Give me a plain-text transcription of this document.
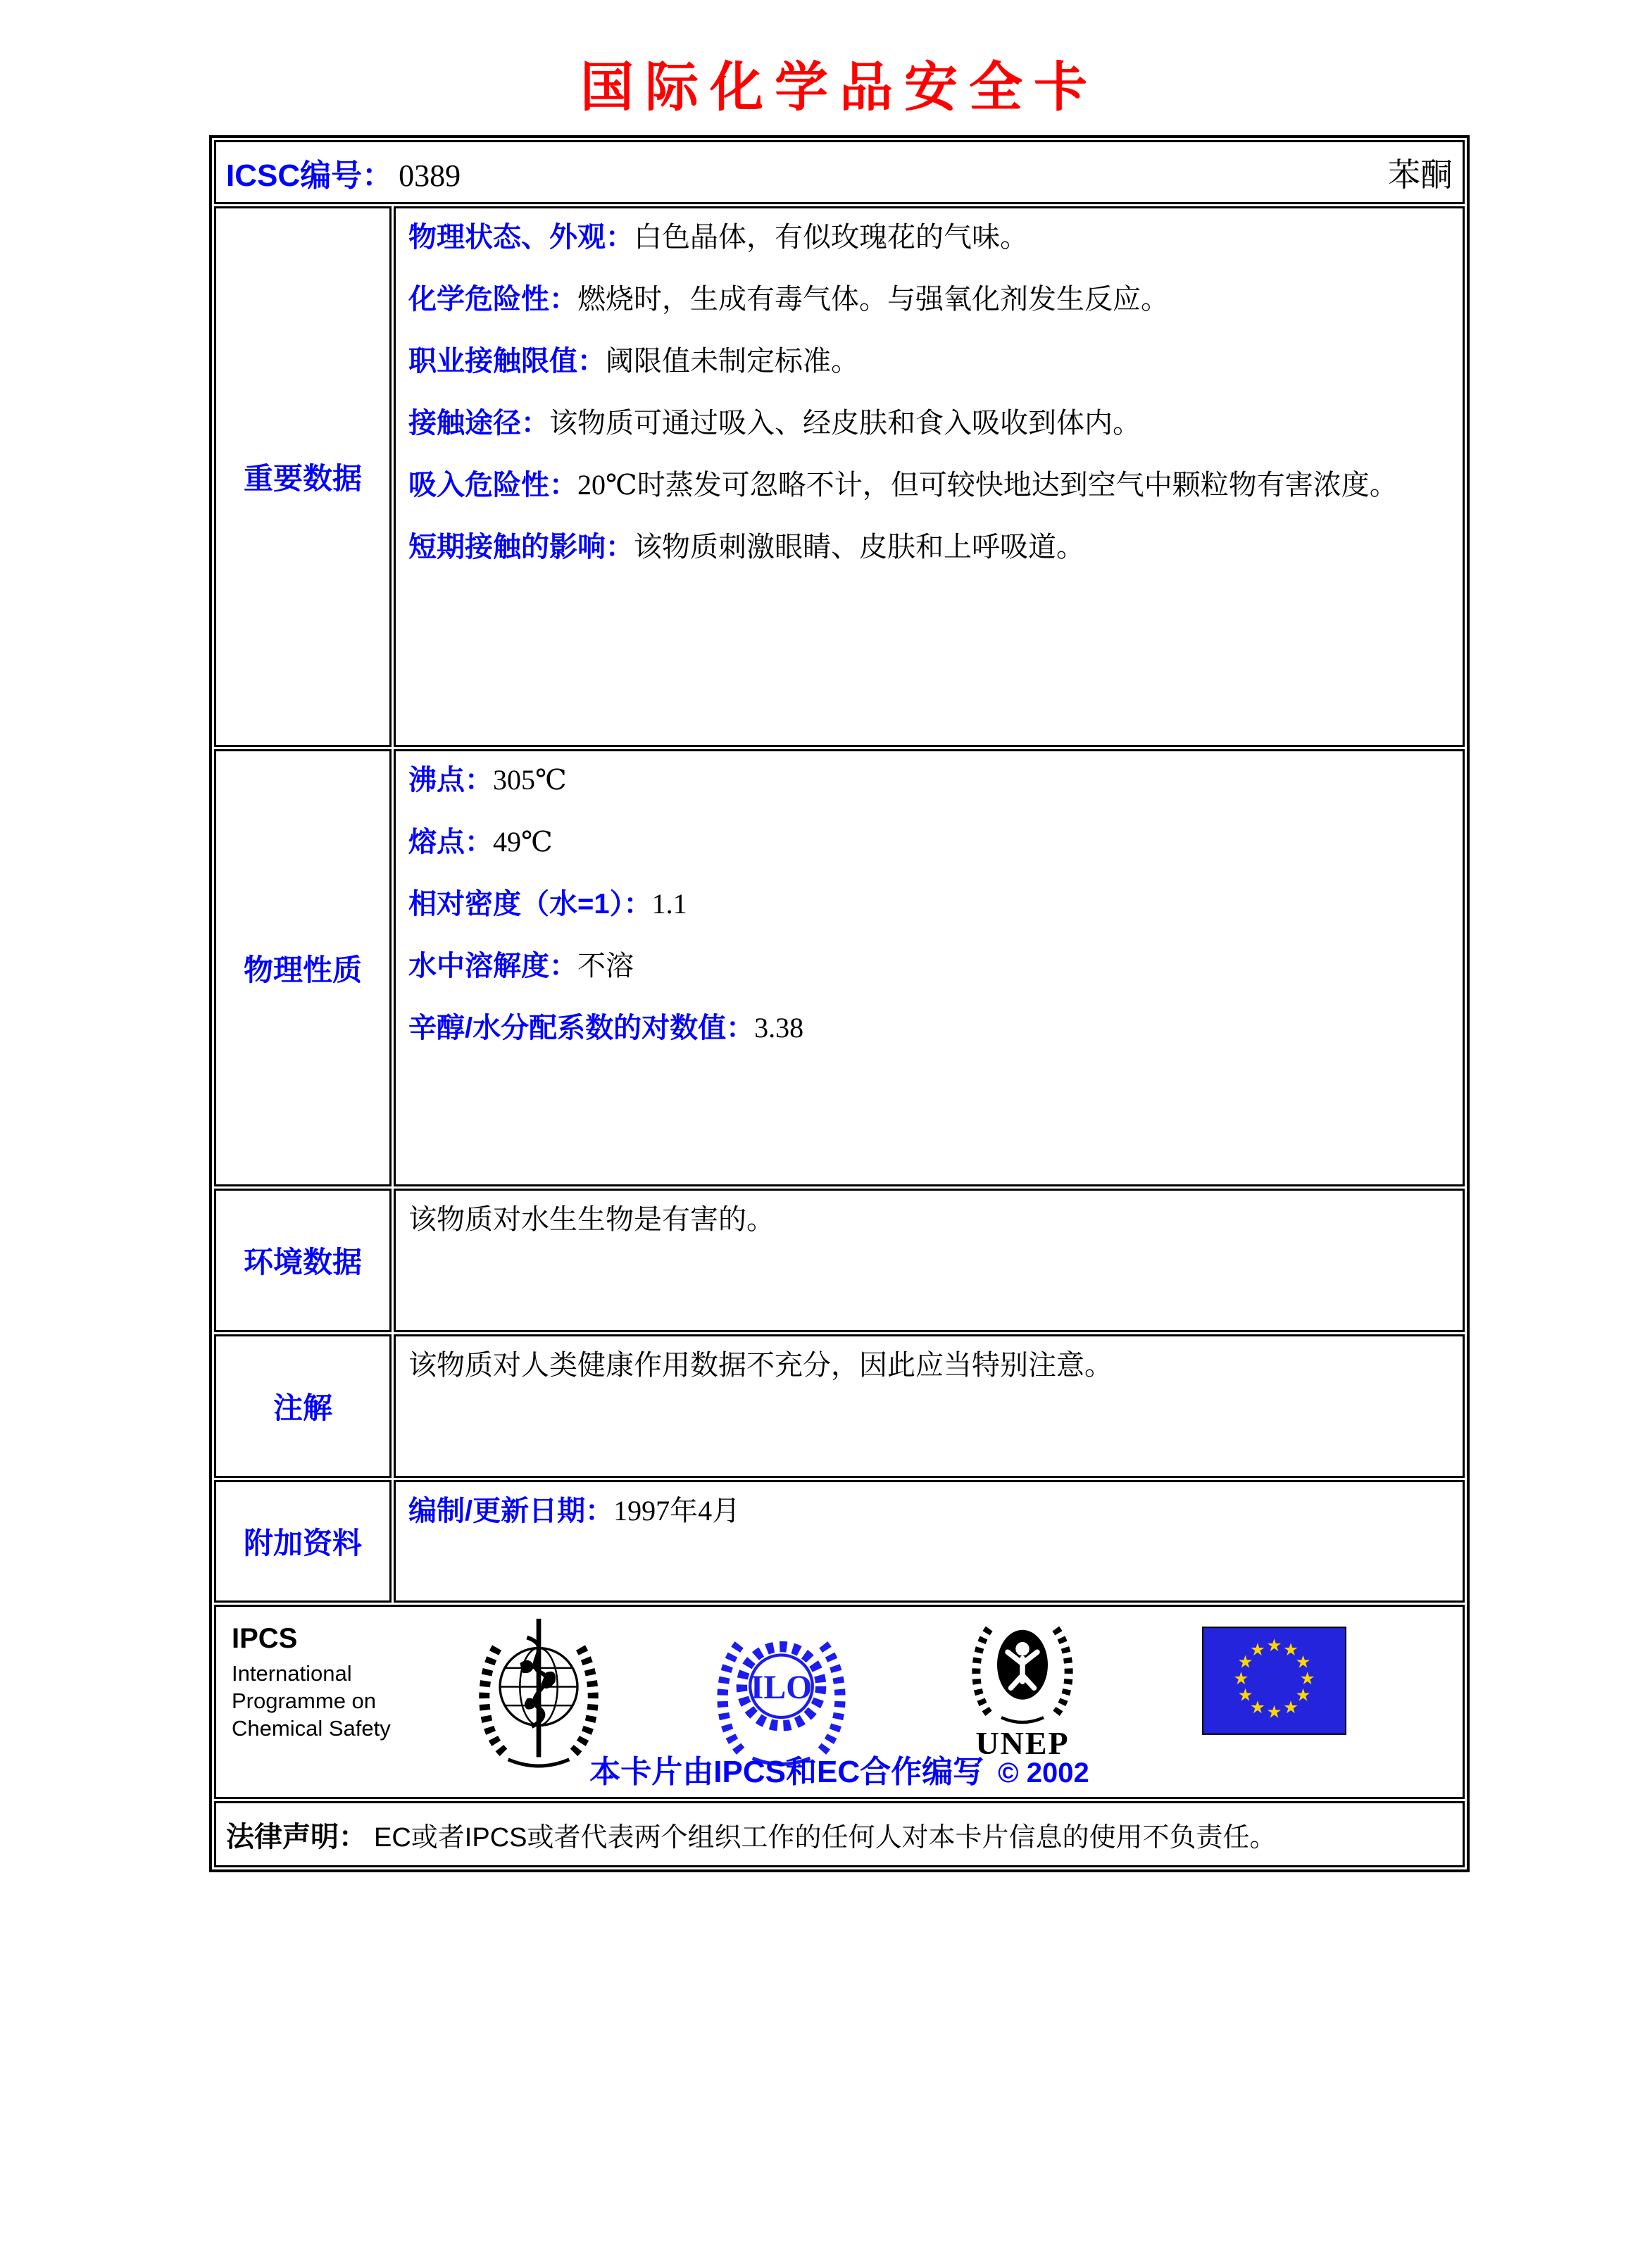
国际化学品安全卡
ICSC编号： 0389	苯酮
重要数据

物理状态、外观：白色晶体，有似玫瑰花的气味。

化学危险性：燃烧时，生成有毒气体。与强氧化剂发生反应。

职业接触限值：阈限值未制定标准。

接触途径：该物质可通过吸入、经皮肤和食入吸收到体内。

吸入危险性：20℃时蒸发可忽略不计，但可较快地达到空气中颗粒物有害浓度。

短期接触的影响：该物质刺激眼睛、皮肤和上呼吸道。

物理性质

沸点：305℃

熔点：49℃

相对密度（水=1）：1.1

水中溶解度：不溶

辛醇/水分配系数的对数值：3.38

环境数据

该物质对水生生物是有害的。

注解

该物质对人类健康作用数据不充分，因此应当特别注意。

附加资料

编制/更新日期：1997年4月

IPCS
International
Programme on
Chemical Safety
ILO
UNEP
★ ★
★
★
★
★
★
★
★
★
★
★
本卡片由IPCS和EC合作编写 © 2002
法律声明： EC或者IPCS或者代表两个组织工作的任何人对本卡片信息的使用不负责任。
